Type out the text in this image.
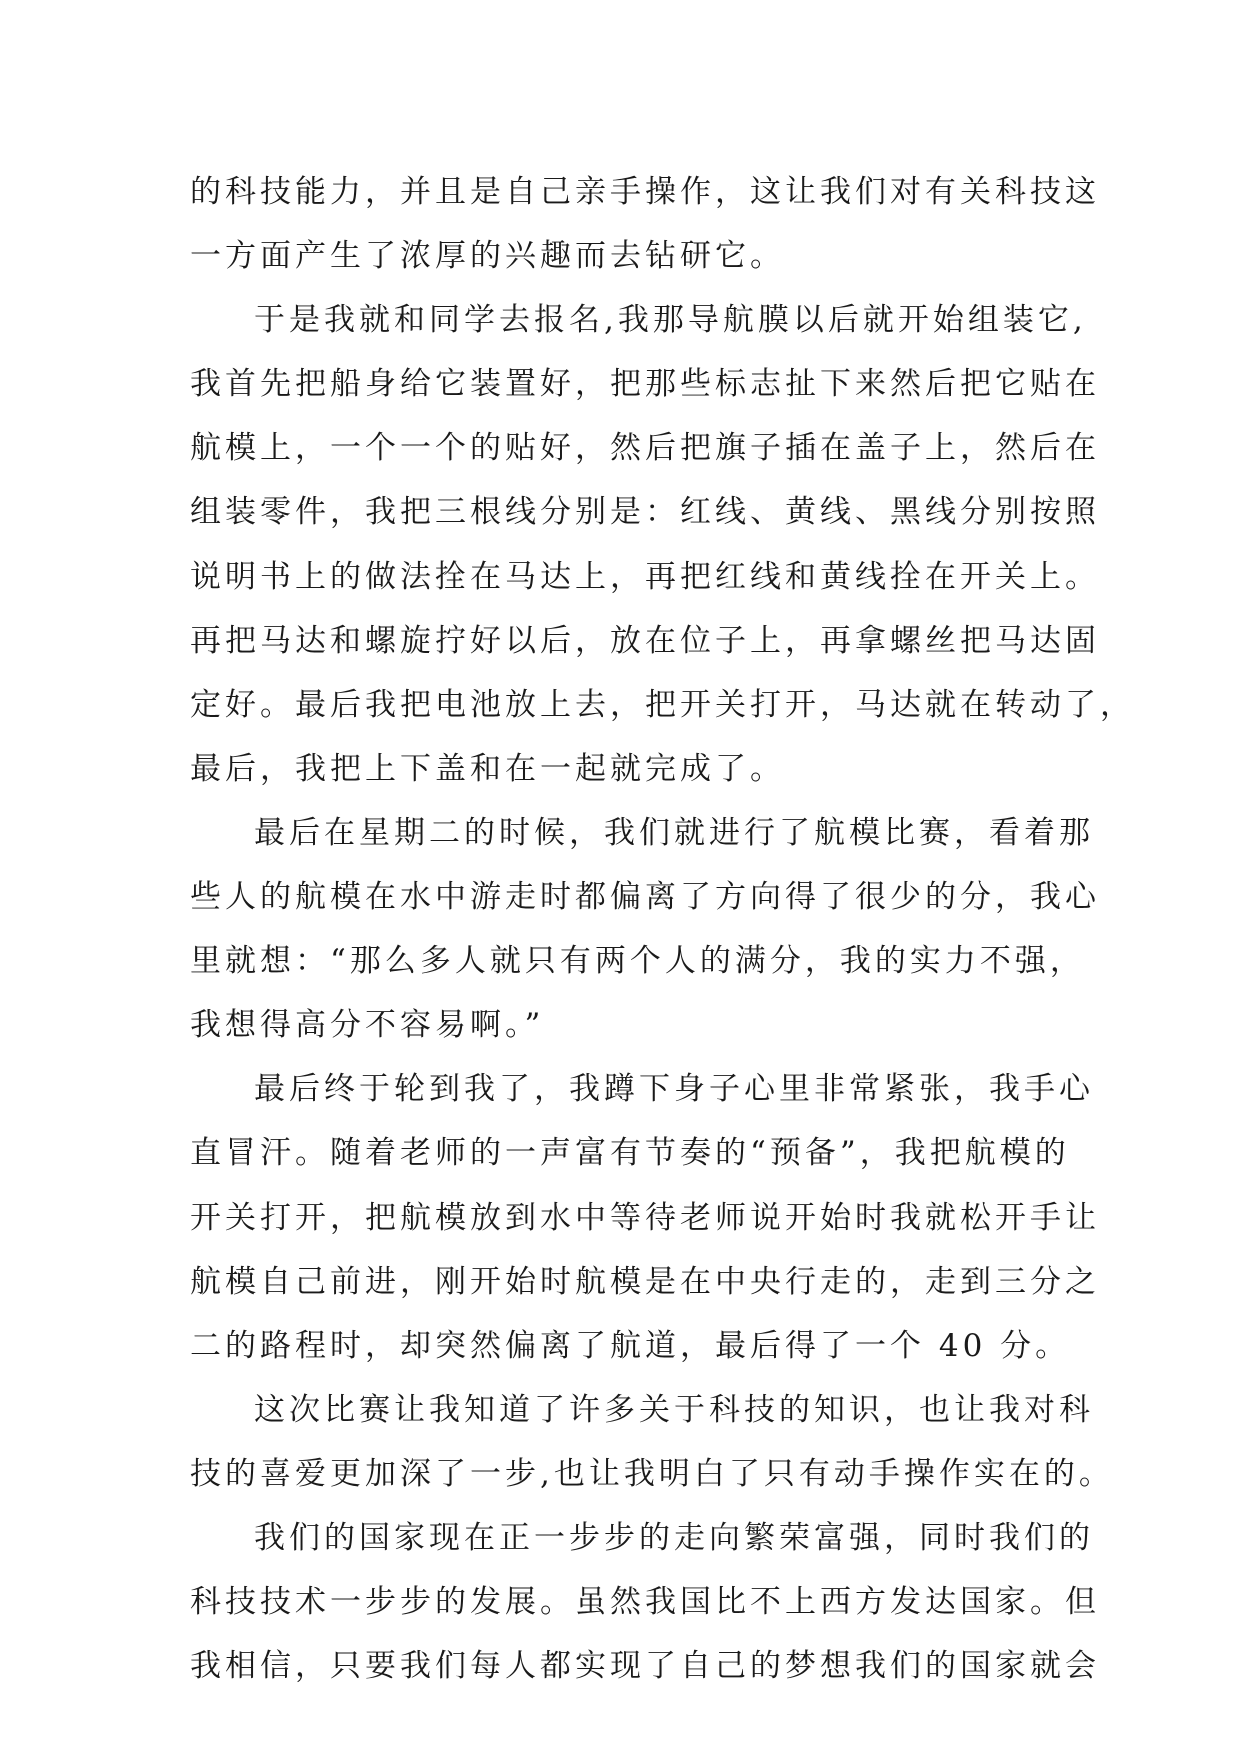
的科技能力，并且是自己亲手操作，这让我们对有关科技这
一方面产生了浓厚的兴趣而去钻研它。
于是我就和同学去报名,我那导航膜以后就开始组装它,
我首先把船身给它装置好，把那些标志扯下来然后把它贴在
航模上，一个一个的贴好，然后把旗子插在盖子上，然后在
组装零件，我把三根线分别是：红线、黄线、黑线分别按照
说明书上的做法拴在马达上，再把红线和黄线拴在开关上。
再把马达和螺旋拧好以后，放在位子上，再拿螺丝把马达固
定好。最后我把电池放上去，把开关打开，马达就在转动了，
最后，我把上下盖和在一起就完成了。
最后在星期二的时候，我们就进行了航模比赛，看着那
些人的航模在水中游走时都偏离了方向得了很少的分，我心
里就想：“那么多人就只有两个人的满分，我的实力不强，
我想得高分不容易啊。”
最后终于轮到我了，我蹲下身子心里非常紧张，我手心
直冒汗。随着老师的一声富有节奏的“预备”，我把航模的
开关打开，把航模放到水中等待老师说开始时我就松开手让
航模自己前进，刚开始时航模是在中央行走的，走到三分之
二的路程时，却突然偏离了航道，最后得了一个 40 分。
这次比赛让我知道了许多关于科技的知识，也让我对科
技的喜爱更加深了一步,也让我明白了只有动手操作实在的。
我们的国家现在正一步步的走向繁荣富强，同时我们的
科技技术一步步的发展。虽然我国比不上西方发达国家。但
我相信，只要我们每人都实现了自己的梦想我们的国家就会
